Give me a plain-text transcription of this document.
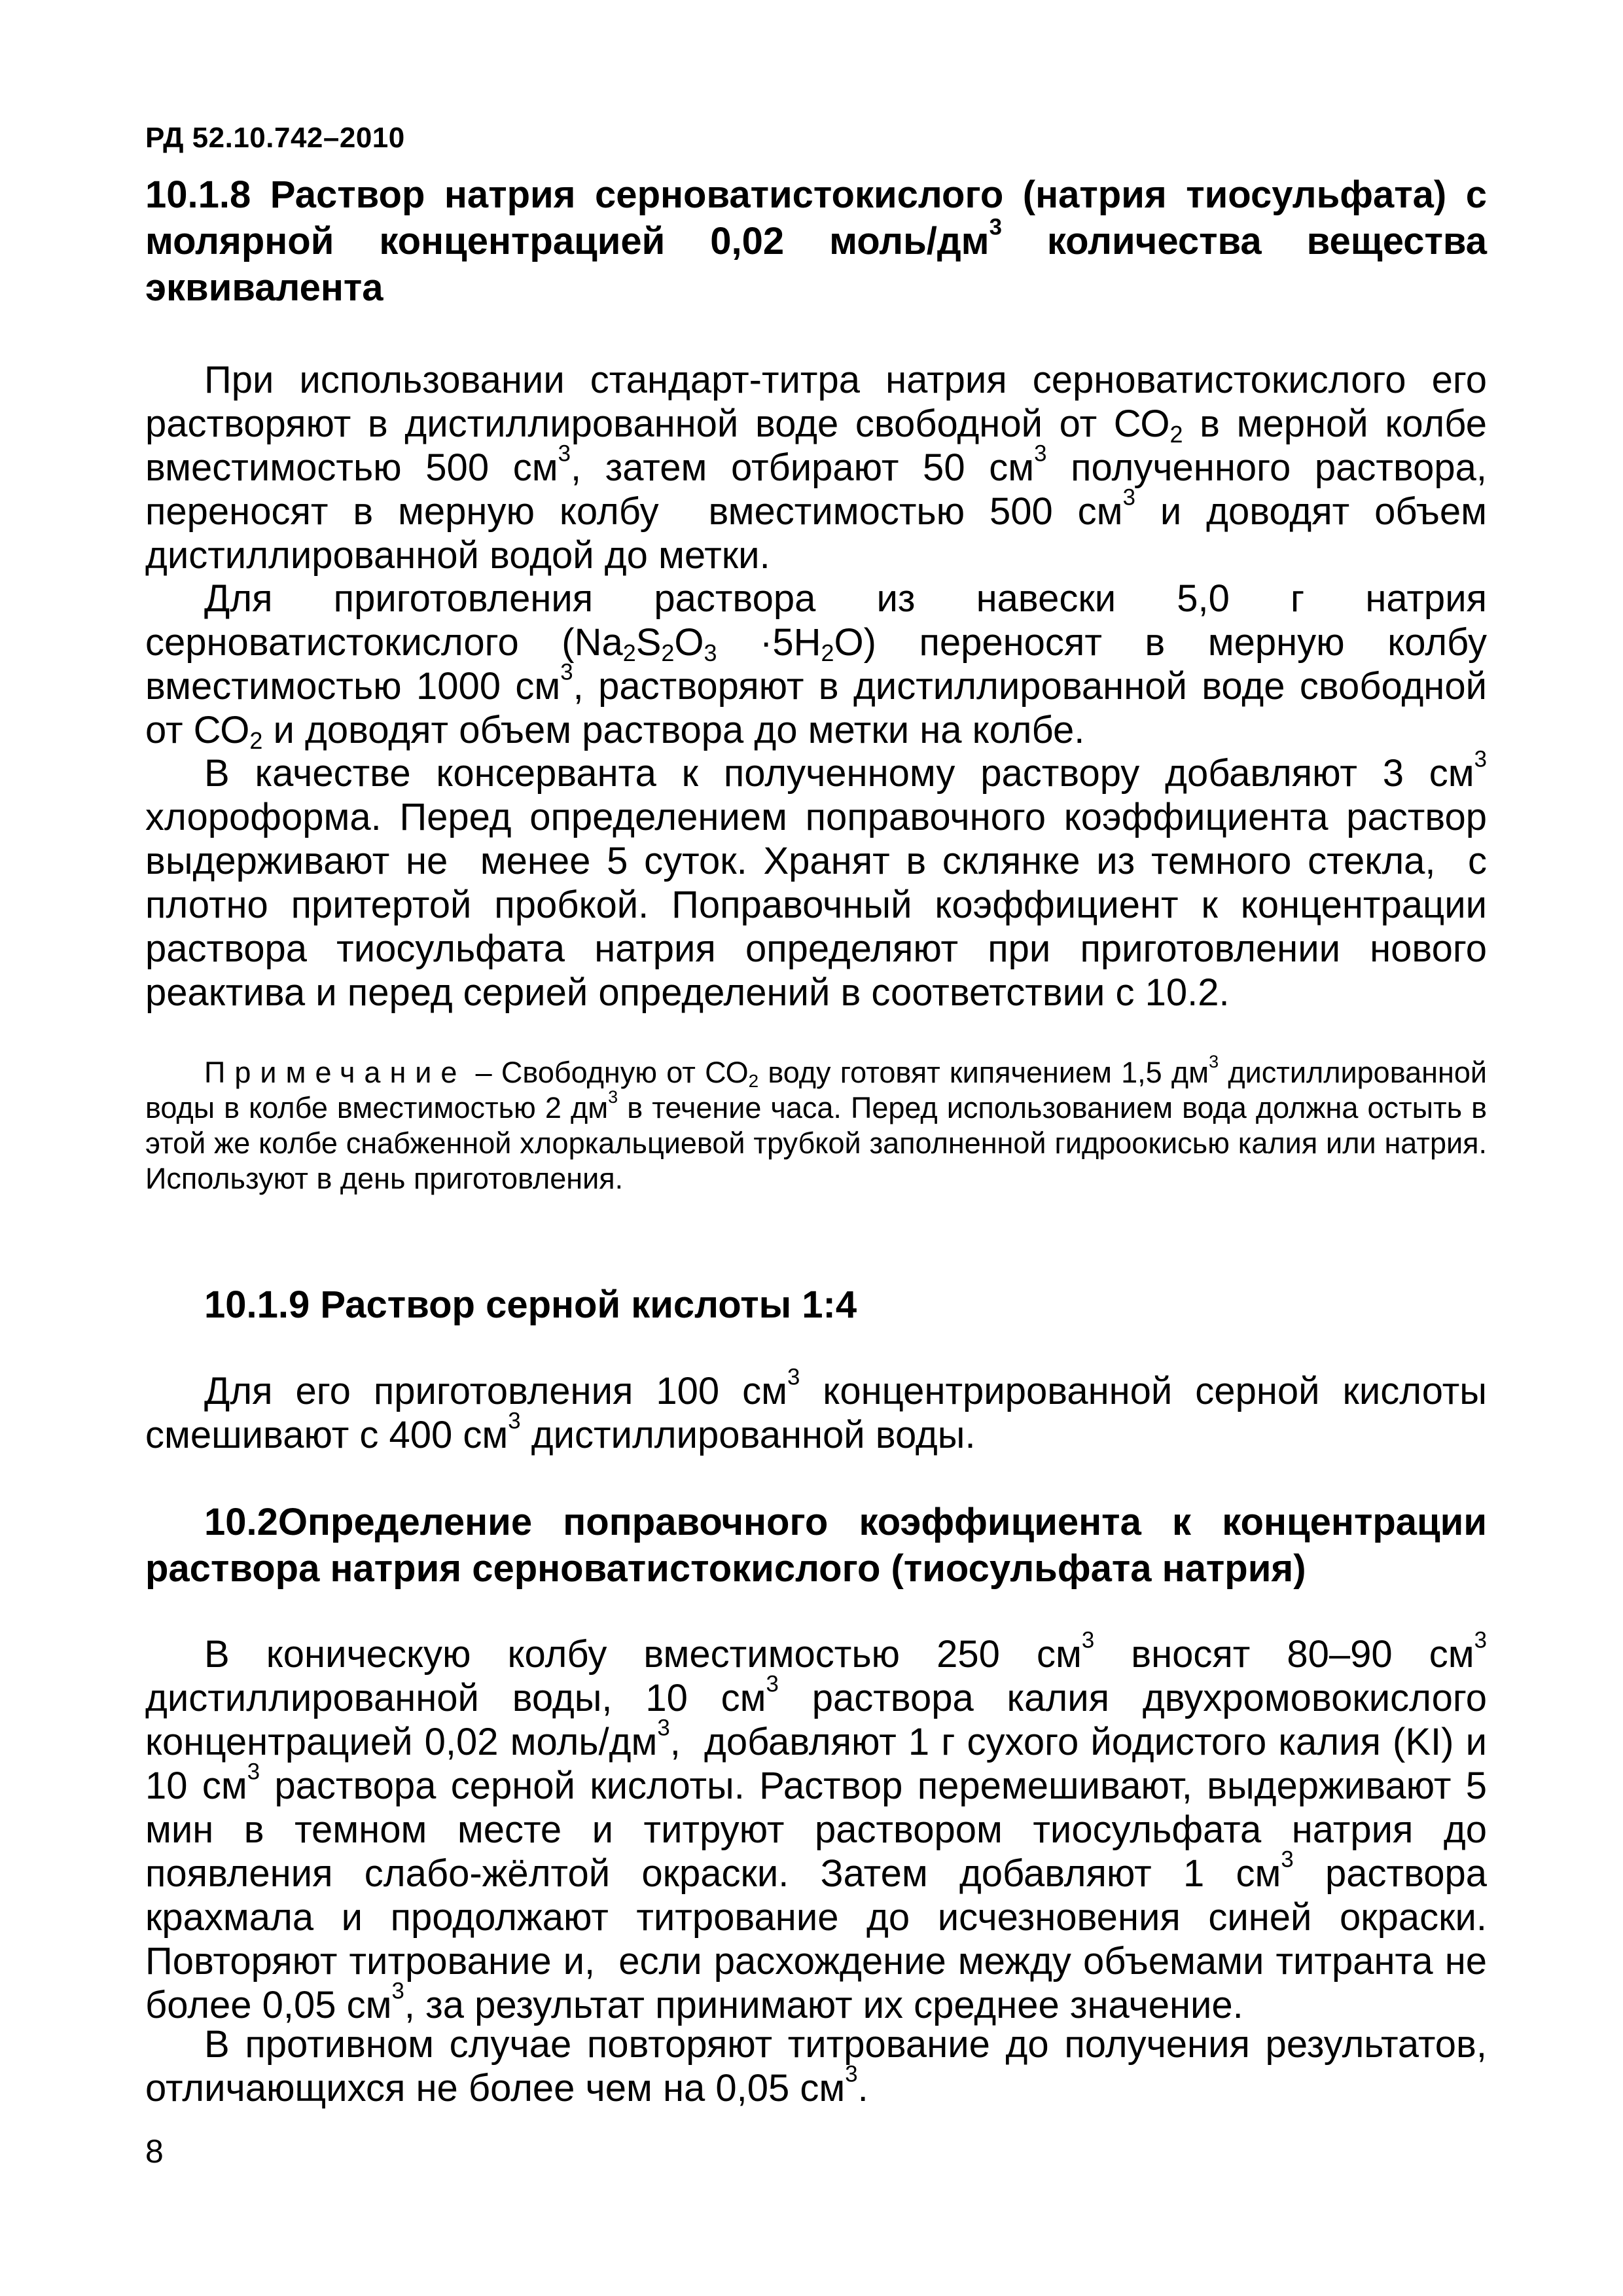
РД 52.10.742–2010
10.1.8 Раствор натрия серноватистокислого (натрия тиосульфата) с молярной концентрацией 0,02 моль/$дм^3$ количества вещества эквивалента

При использовании стандарт-титра натрия серноватистокислого его растворяют в дистиллированной воде свободной от $СО_2$ в мерной колбе вместимостью 500 $см^3$, затем отбирают 50 $см^3$ полученного раствора, переносят в мерную колбу  вместимостью 500 $см^3$ и доводят объем дистиллированной водой до метки.

Для приготовления раствора из навески 5,0 г натрия серноватистокислого $(Na_2S_2O_3 \cdot 5H_2O)$ переносят в мерную колбу вместимостью 1000 $см^3$, растворяют в дистиллированной воде свободной от $СО_2$ и доводят объем раствора до метки на колбе.

В качестве консерванта к полученному раствору добавляют 3 $см^3$ хлороформа. Перед определением поправочного коэффициента раствор выдерживают не  менее 5 суток. Хранят в склянке из темного стекла,  с плотно притертой пробкой. Поправочный коэффициент к концентрации раствора тиосульфата натрия определяют при приготовлении нового реактива и перед серией определений в соответствии с 10.2.

Примечание – Свободную от $СО_2$ воду готовят кипячением 1,5 $дм^3$ дистиллированной воды в колбе вместимостью 2 $дм^3$ в течение часа. Перед использованием вода должна остыть в этой же колбе снабженной хлоркальциевой трубкой заполненной гидроокисью калия или натрия. Используют в день приготовления.

10.1.9 Раствор серной кислоты 1:4

Для его приготовления 100 $см^3$ концентрированной серной кислоты смешивают с 400 $см^3$ дистиллированной воды.

10.2Определение поправочного коэффициента к концентрации раствора натрия серноватистокислого (тиосульфата натрия)

В коническую колбу вместимостью 250 $см^3$ вносят 80–90 $см^3$ дистиллированной воды, 10 $см^3$ раствора калия двухромовокислого концентрацией 0,02 моль/$дм^3$,  добавляют 1 г сухого йодистого калия (KI) и 10 $см^3$ раствора серной кислоты. Раствор перемешивают, выдерживают 5 мин в темном месте и титруют раствором тиосульфата натрия до появления слабо-жёлтой окраски. Затем добавляют 1 $см^3$ раствора крахмала и продолжают титрование до исчезновения синей окраски. Повторяют титрование и,  если расхождение между объемами титранта не более 0,05 $см^3$, за результат принимают их среднее значение.

В противном случае повторяют титрование до получения результатов, отличающихся не более чем на 0,05 $см^3$.

8
